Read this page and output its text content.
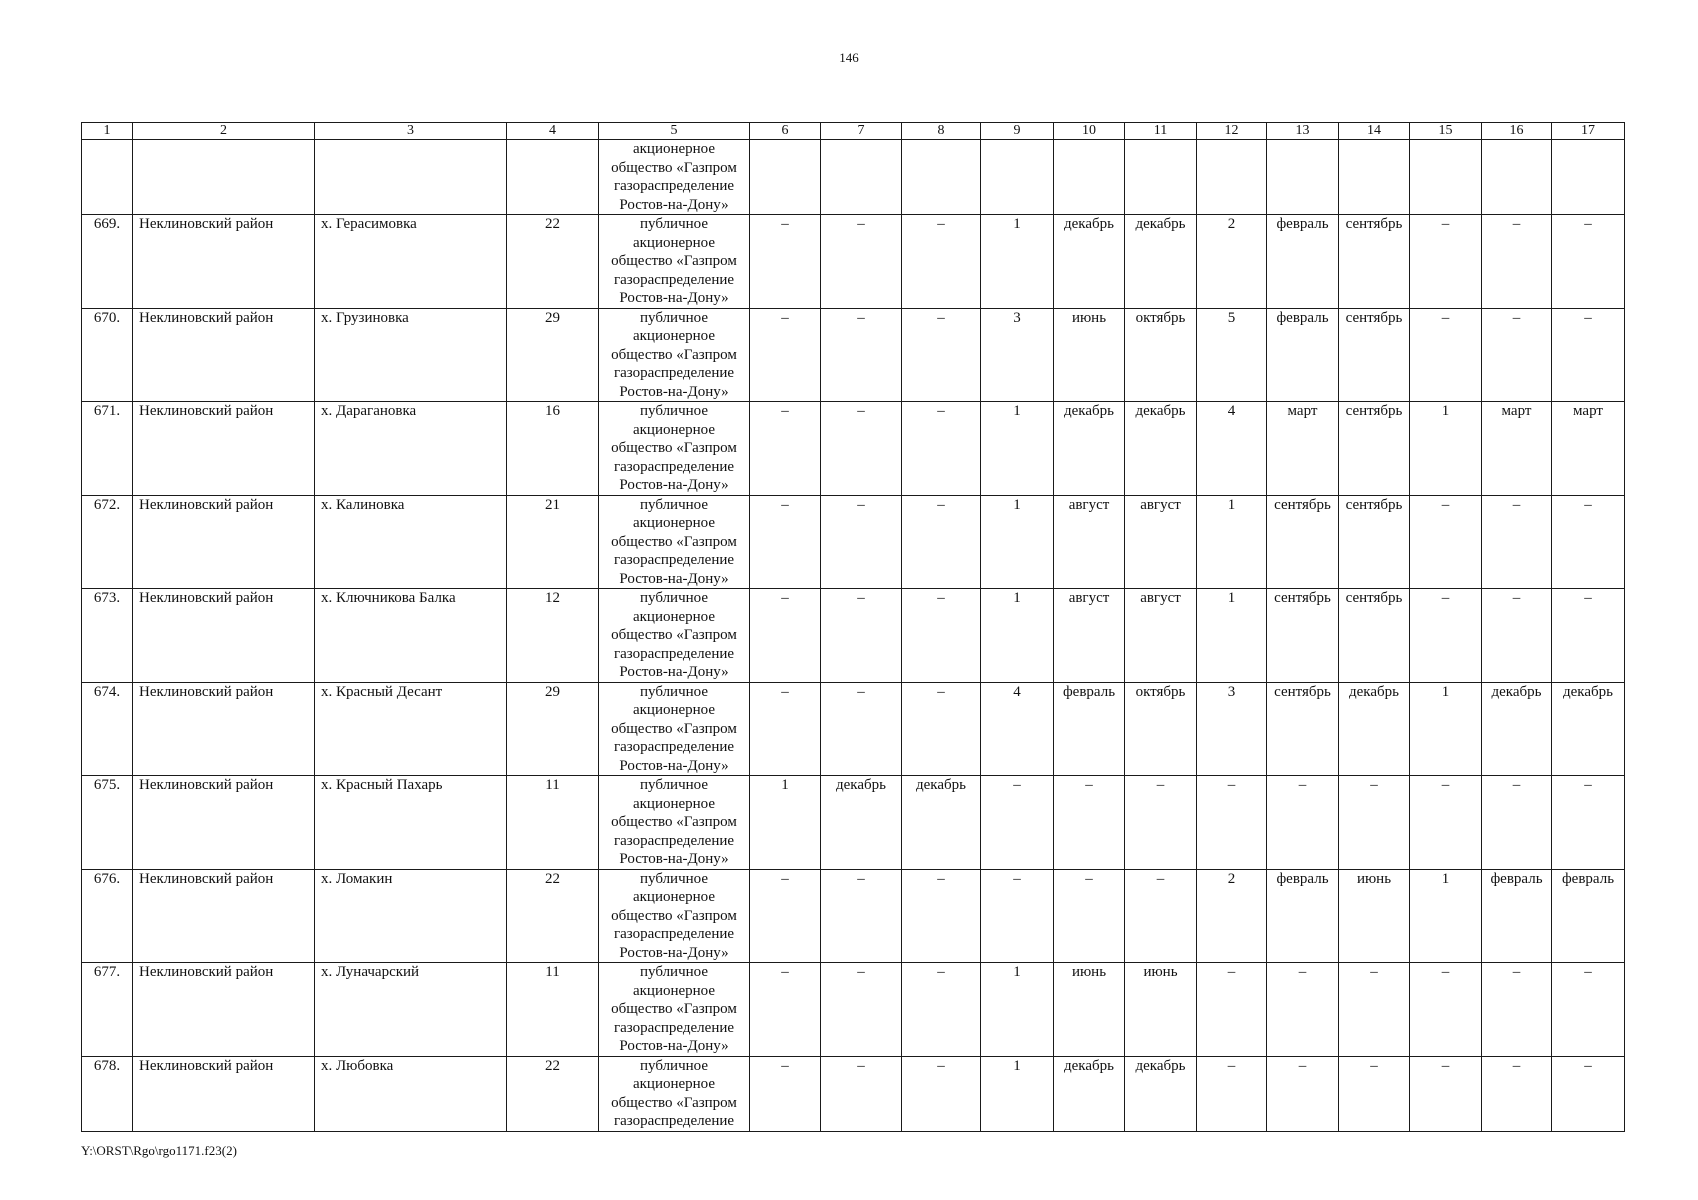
146
1	2	3	4	5	6	7	8	9	10	11	12	13	14	15	16	17
				акционерное общество «Газпром газораспределение Ростов-на-Дону»												
669.	Неклиновский район	х. Герасимовка	22	публичное акционерное общество «Газпром газораспределение Ростов-на-Дону»	–	–	–	1	декабрь	декабрь	2	февраль	сентябрь	–	–	–
670.	Неклиновский район	х. Грузиновка	29	публичное акционерное общество «Газпром газораспределение Ростов-на-Дону»	–	–	–	3	июнь	октябрь	5	февраль	сентябрь	–	–	–
671.	Неклиновский район	х. Дарагановка	16	публичное акционерное общество «Газпром газораспределение Ростов-на-Дону»	–	–	–	1	декабрь	декабрь	4	март	сентябрь	1	март	март
672.	Неклиновский район	х. Калиновка	21	публичное акционерное общество «Газпром газораспределение Ростов-на-Дону»	–	–	–	1	август	август	1	сентябрь	сентябрь	–	–	–
673.	Неклиновский район	х. Ключникова Балка	12	публичное акционерное общество «Газпром газораспределение Ростов-на-Дону»	–	–	–	1	август	август	1	сентябрь	сентябрь	–	–	–
674.	Неклиновский район	х. Красный Десант	29	публичное акционерное общество «Газпром газораспределение Ростов-на-Дону»	–	–	–	4	февраль	октябрь	3	сентябрь	декабрь	1	декабрь	декабрь
675.	Неклиновский район	х. Красный Пахарь	11	публичное акционерное общество «Газпром газораспределение Ростов-на-Дону»	1	декабрь	декабрь	–	–	–	–	–	–	–	–	–
676.	Неклиновский район	х. Ломакин	22	публичное акционерное общество «Газпром газораспределение Ростов-на-Дону»	–	–	–	–	–	–	2	февраль	июнь	1	февраль	февраль
677.	Неклиновский район	х. Луначарский	11	публичное акционерное общество «Газпром газораспределение Ростов-на-Дону»	–	–	–	1	июнь	июнь	–	–	–	–	–	–
678.	Неклиновский район	х. Любовка	22	публичное акционерное общество «Газпром газораспределение	–	–	–	1	декабрь	декабрь	–	–	–	–	–	–
Y:\ORST\Rgo\rgo1171.f23(2)
